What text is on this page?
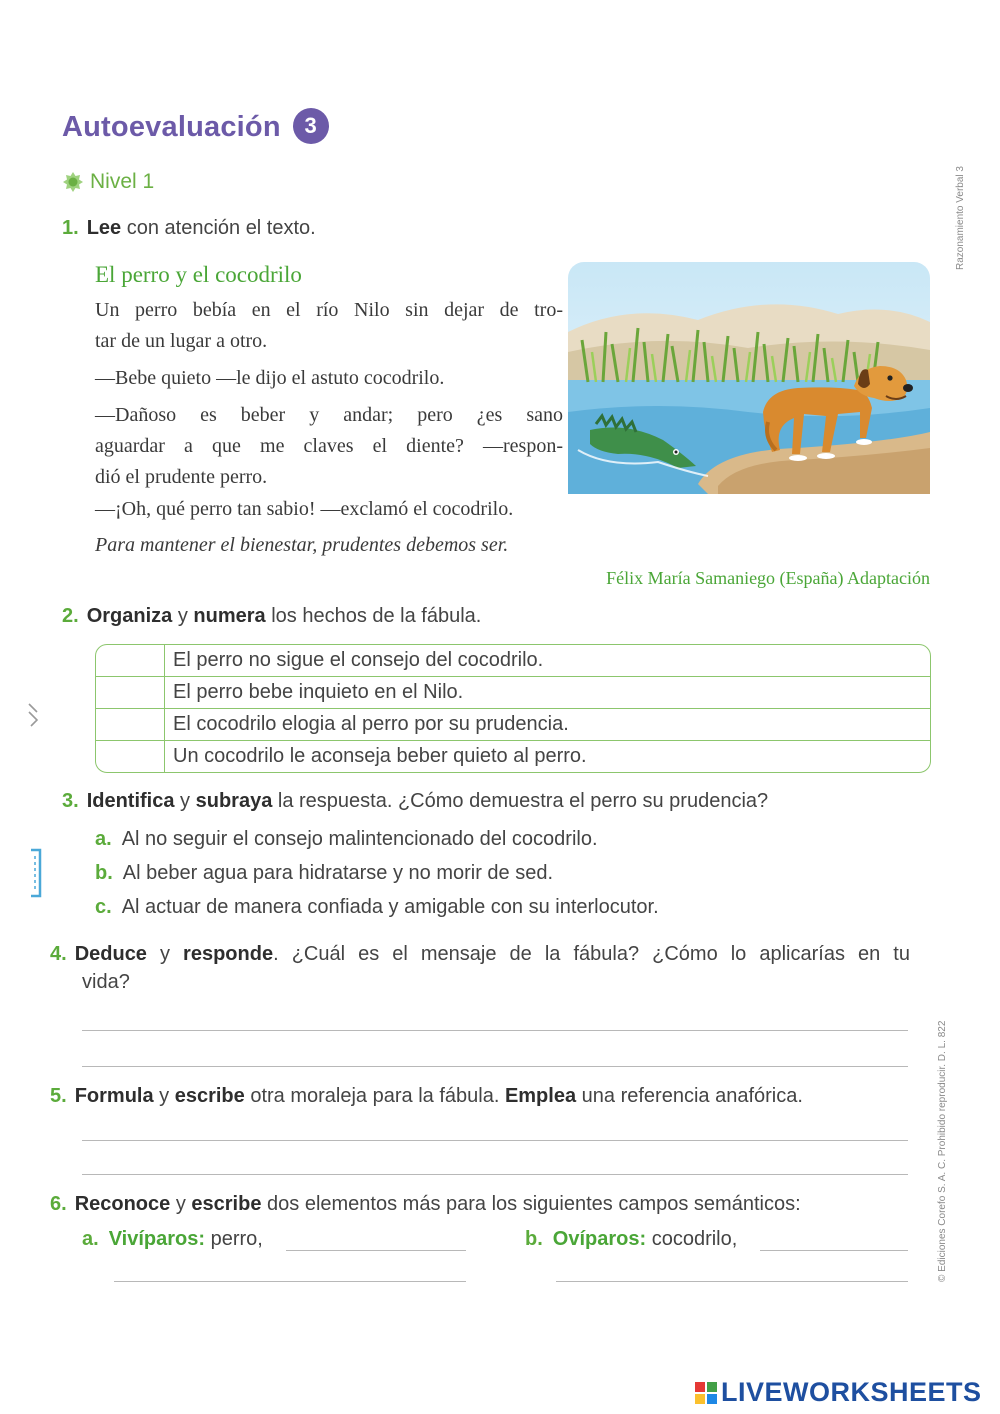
Autoevaluación 3
Nivel 1
1. Lee con atención el texto.
El perro y el cocodrilo
Un perro bebía en el río Nilo sin dejar de tro-
tar de un lugar a otro.
—Bebe quieto —le dijo el astuto cocodrilo.
—Dañoso es beber y andar; pero ¿es sano
aguardar a que me claves el diente? —respon-
dió el prudente perro.
—¡Oh, qué perro tan sabio! —exclamó el cocodrilo.
Para mantener el bienestar, prudentes debemos ser.
Félix María Samaniego (España) Adaptación
2. Organiza y numera los hechos de la fábula.
	El perro no sigue el consejo del cocodrilo.
	El perro bebe inquieto en el Nilo.
	El cocodrilo elogia al perro por su prudencia.
	Un cocodrilo le aconseja beber quieto al perro.
3. Identifica y subraya la respuesta. ¿Cómo demuestra el perro su prudencia?
a. Al no seguir el consejo malintencionado del cocodrilo.
b. Al beber agua para hidratarse y no morir de sed.
c. Al actuar de manera confiada y amigable con su interlocutor.
4. Deduce y responde. ¿Cuál es el mensaje de la fábula? ¿Cómo lo aplicarías en tu
vida?
5. Formula y escribe otra moraleja para la fábula. Emplea una referencia anafórica.
6. Reconoce y escribe dos elementos más para los siguientes campos semánticos:
a. Vivíparos: perro,	b. Ovíparos: cocodrilo,
Razonamiento Verbal 3
© Ediciones Corefo S. A. C. Prohibido reproducir. D. L. 822
LIVEWORKSHEETS
